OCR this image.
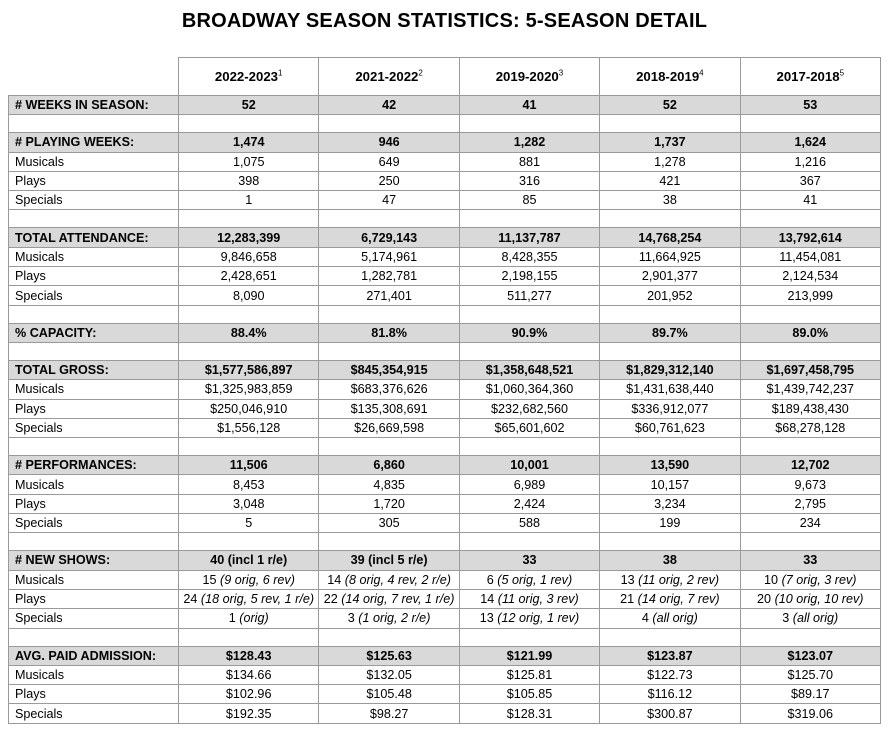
BROADWAY SEASON STATISTICS: 5-SEASON DETAIL
	2022-2023$^1$	2021-2022$^2$	2019-2020$^3$	2018-2019$^4$	2017-2018$^5$
# WEEKS IN SEASON:	52	42	41	52	53

# PLAYING WEEKS:	1,474	946	1,282	1,737	1,624
Musicals	1,075	649	881	1,278	1,216
Plays	398	250	316	421	367
Specials	1	47	85	38	41

TOTAL ATTENDANCE:	12,283,399	6,729,143	11,137,787	14,768,254	13,792,614
Musicals	9,846,658	5,174,961	8,428,355	11,664,925	11,454,081
Plays	2,428,651	1,282,781	2,198,155	2,901,377	2,124,534
Specials	8,090	271,401	511,277	201,952	213,999

% CAPACITY:	88.4%	81.8%	90.9%	89.7%	89.0%

TOTAL GROSS:	$1,577,586,897	$845,354,915	$1,358,648,521	$1,829,312,140	$1,697,458,795
Musicals	$1,325,983,859	$683,376,626	$1,060,364,360	$1,431,638,440	$1,439,742,237
Plays	$250,046,910	$135,308,691	$232,682,560	$336,912,077	$189,438,430
Specials	$1,556,128	$26,669,598	$65,601,602	$60,761,623	$68,278,128

# PERFORMANCES:	11,506	6,860	10,001	13,590	12,702
Musicals	8,453	4,835	6,989	10,157	9,673
Plays	3,048	1,720	2,424	3,234	2,795
Specials	5	305	588	199	234

# NEW SHOWS:	40 (incl 1 r/e)	39 (incl 5 r/e)	33	38	33
Musicals	15 (9 orig, 6 rev)	14 (8 orig, 4 rev, 2 r/e)	6 (5 orig, 1 rev)	13 (11 orig, 2 rev)	10 (7 orig, 3 rev)
Plays	24 (18 orig, 5 rev, 1 r/e)	22 (14 orig, 7 rev, 1 r/e)	14 (11 orig, 3 rev)	21 (14 orig, 7 rev)	20 (10 orig, 10 rev)
Specials	1 (orig)	3 (1 orig, 2 r/e)	13 (12 orig, 1 rev)	4 (all orig)	3 (all orig)

AVG. PAID ADMISSION:	$128.43	$125.63	$121.99	$123.87	$123.07
Musicals	$134.66	$132.05	$125.81	$122.73	$125.70
Plays	$102.96	$105.48	$105.85	$116.12	$89.17
Specials	$192.35	$98.27	$128.31	$300.87	$319.06
